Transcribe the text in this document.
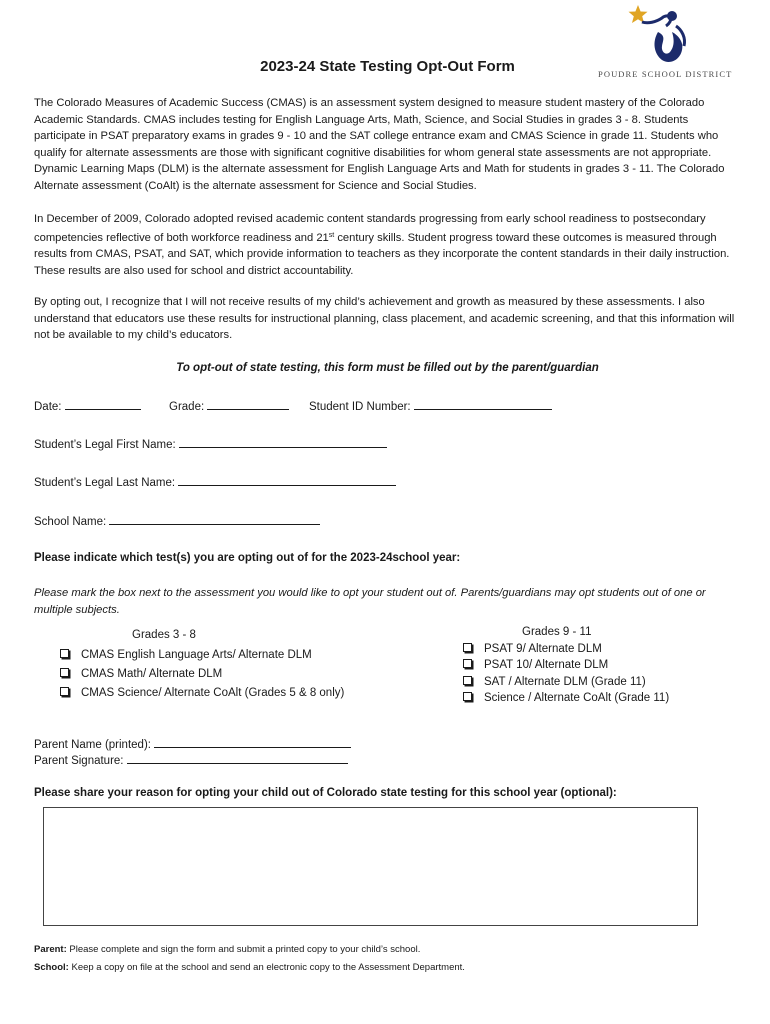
POUDRE SCHOOL DISTRICT
2023-24 State Testing Opt-Out Form
The Colorado Measures of Academic Success (CMAS) is an assessment system designed to measure student mastery of the Colorado Academic Standards. CMAS includes testing for English Language Arts, Math, Science, and Social Studies in grades 3 - 8. Students participate in PSAT preparatory exams in grades 9 - 10 and the SAT college entrance exam and CMAS Science in grade 11. Students who qualify for alternate assessments are those with significant cognitive disabilities for whom general state assessments are not appropriate. Dynamic Learning Maps (DLM) is the alternate assessment for English Language Arts and Math for students in grades 3 - 11. The Colorado Alternate assessment (CoAlt) is the alternate assessment for Science and Social Studies.
In December of 2009, Colorado adopted revised academic content standards progressing from early school readiness to postsecondary competencies reflective of both workforce readiness and 21st century skills. Student progress toward these outcomes is measured through results from CMAS, PSAT, and SAT, which provide information to teachers as they incorporate the content standards in their daily instruction. These results are also used for school and district accountability.
By opting out, I recognize that I will not receive results of my child’s achievement and growth as measured by these assessments. I also understand that educators use these results for instructional planning, class placement, and academic screening, and that this information will not be available to my child’s educators.
To opt-out of state testing, this form must be filled out by the parent/guardian
Date:	Grade:	Student ID Number:
Student’s Legal First Name:
Student’s Legal Last Name:
School Name:
Please indicate which test(s) you are opting out of for the 2023-24school year:
Please mark the box next to the assessment you would like to opt your student out of. Parents/guardians may opt students out of one or multiple subjects.
Grades 3 - 8
CMAS English Language Arts/ Alternate DLM
CMAS Math/ Alternate DLM
CMAS Science/ Alternate CoAlt (Grades 5 & 8 only)
Grades 9 - 11
PSAT 9/ Alternate DLM
PSAT 10/ Alternate DLM
SAT / Alternate DLM (Grade 11)
Science / Alternate CoAlt (Grade 11)
Parent Name (printed):
Parent Signature:
Please share your reason for opting your child out of Colorado state testing for this school year (optional):
Parent: Please complete and sign the form and submit a printed copy to your child’s school.
School: Keep a copy on file at the school and send an electronic copy to the Assessment Department.
